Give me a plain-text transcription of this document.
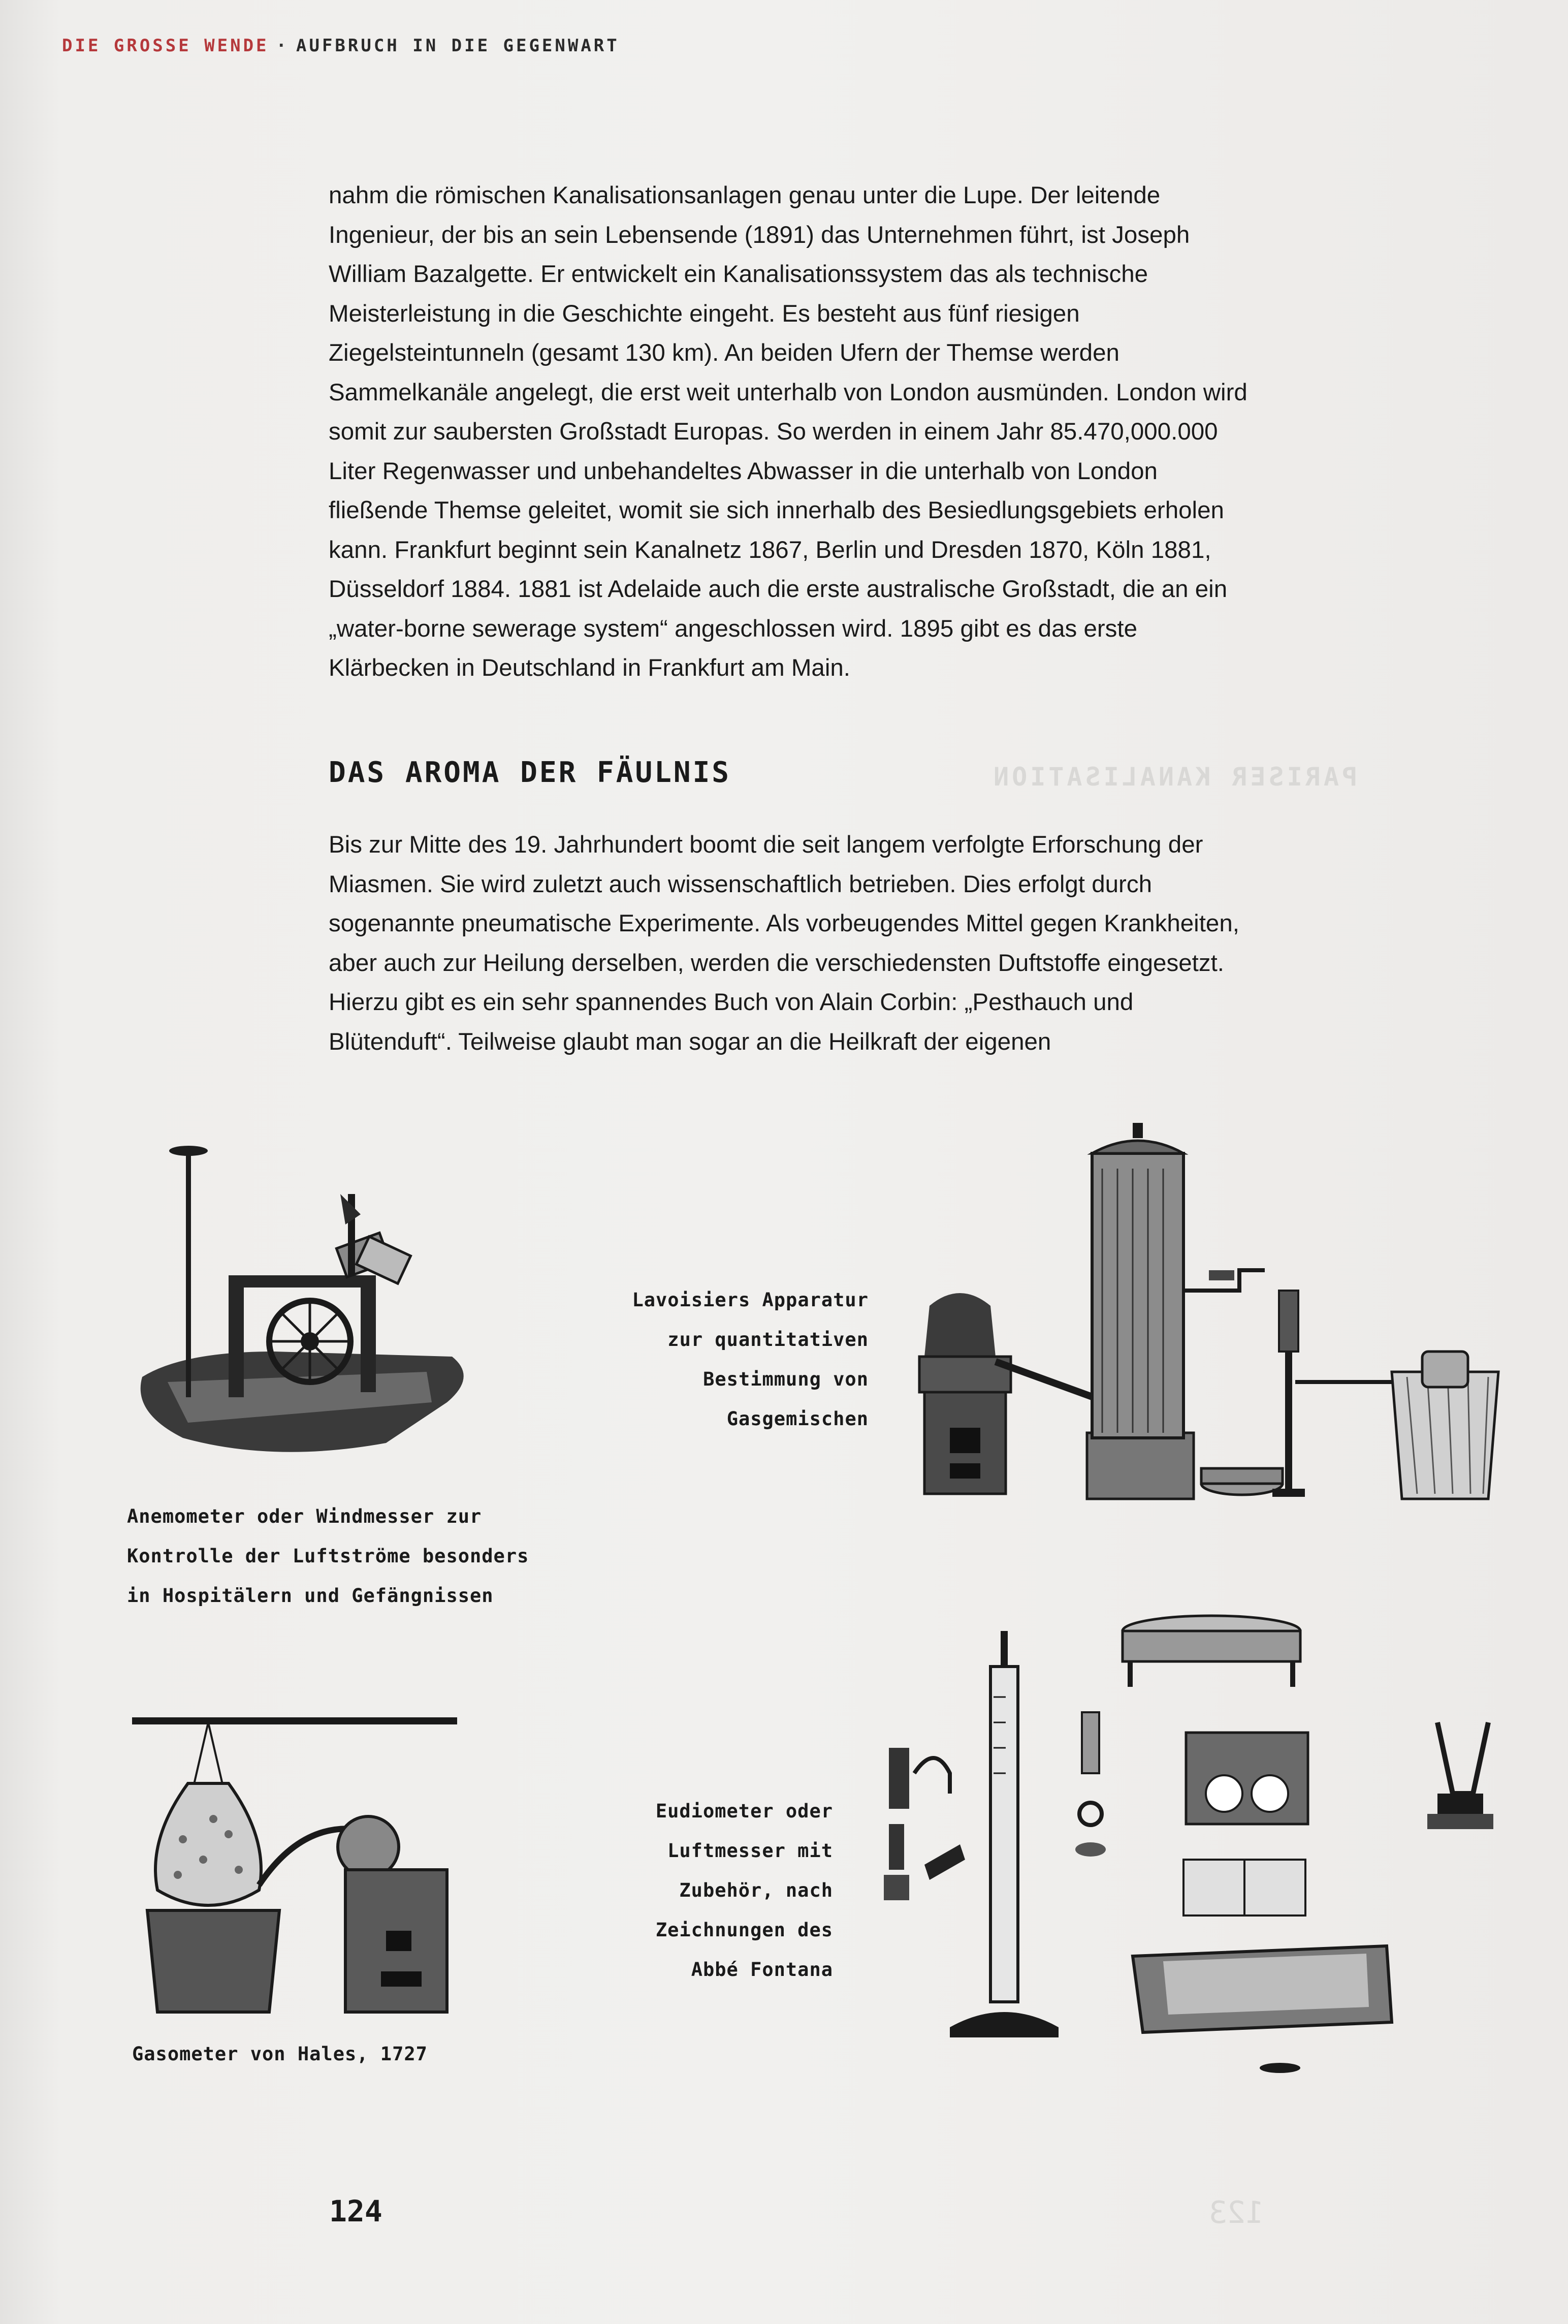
PARISER KANALISATION
123
DIE GROSSE WENDE · AUFBRUCH IN DIE GEGENWART

nahm die römischen Kanalisationsanlagen genau unter die Lupe. Der leitende Ingenieur, der bis an sein Lebensende (1891) das Unternehmen führt, ist Joseph William Bazalgette. Er entwickelt ein Kanalisationssystem das als technische Meisterleistung in die Geschichte eingeht. Es besteht aus fünf riesigen Ziegelsteintunneln (gesamt 130 km). An beiden Ufern der Themse werden Sammelkanäle angelegt, die erst weit unterhalb von London ausmünden. London wird somit zur saubersten Großstadt Europas. So werden in einem Jahr 85.470,000.000 Liter Regenwasser und unbehandeltes Abwasser in die unterhalb von London fließende Themse geleitet, womit sie sich innerhalb des Besiedlungsgebiets erholen kann. Frankfurt beginnt sein Kanalnetz 1867, Berlin und Dresden 1870, Köln 1881, Düsseldorf 1884. 1881 ist Adelaide auch die erste australische Großstadt, die an ein „water-borne sewerage system“ angeschlossen wird. 1895 gibt es das erste Klärbecken in Deutschland in Frankfurt am Main.

DAS AROMA DER FÄULNIS

Bis zur Mitte des 19. Jahrhundert boomt die seit langem verfolgte Erforschung der Miasmen. Sie wird zuletzt auch wissenschaftlich betrieben. Dies erfolgt durch sogenannte pneumatische Experimente. Als vorbeugendes Mittel gegen Krankheiten, aber auch zur Heilung derselben, werden die verschiedensten Duftstoffe eingesetzt. Hierzu gibt es ein sehr spannendes Buch von Alain Corbin: „Pesthauch und Blütenduft“. Teilweise glaubt man sogar an die Heilkraft der eigenen

Anemometer oder Windmesser zur
Kontrolle der Luftströme besonders
in Hospitälern und Gefängnissen
Lavoisiers Apparatur
zur quantitativen
Bestimmung von
Gasgemischen
Gasometer von Hales, 1727
Eudiometer oder
Luftmesser mit
Zubehör, nach
Zeichnungen des
Abbé Fontana
124
